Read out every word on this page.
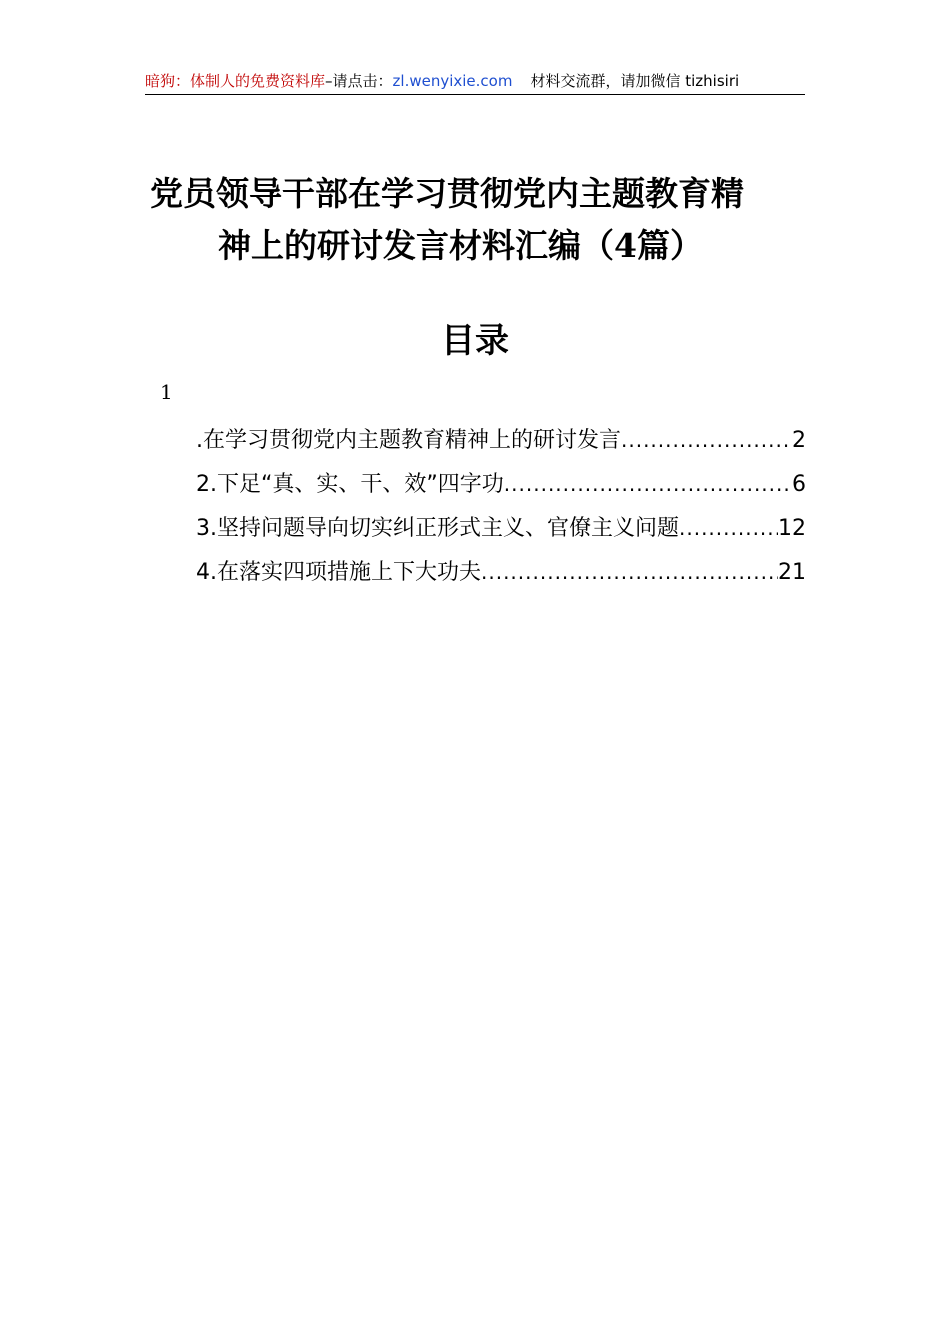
暗狗：体制人的免费资料库–请点击：zl.wenyixie.com 材料交流群，请加微信 tizhisiri
党员领导干部在学习贯彻党内主题教育精
神上的研讨发言材料汇编（4篇）
目录
1
.在学习贯彻党内主题教育精神上的研讨发言 .....	2
2.下足“真、实、干、效”四字功 .....	6
3.坚持问题导向切实纠正形式主义、官僚主义问题 .....	12
4.在落实四项措施上下大功夫 .....	21
